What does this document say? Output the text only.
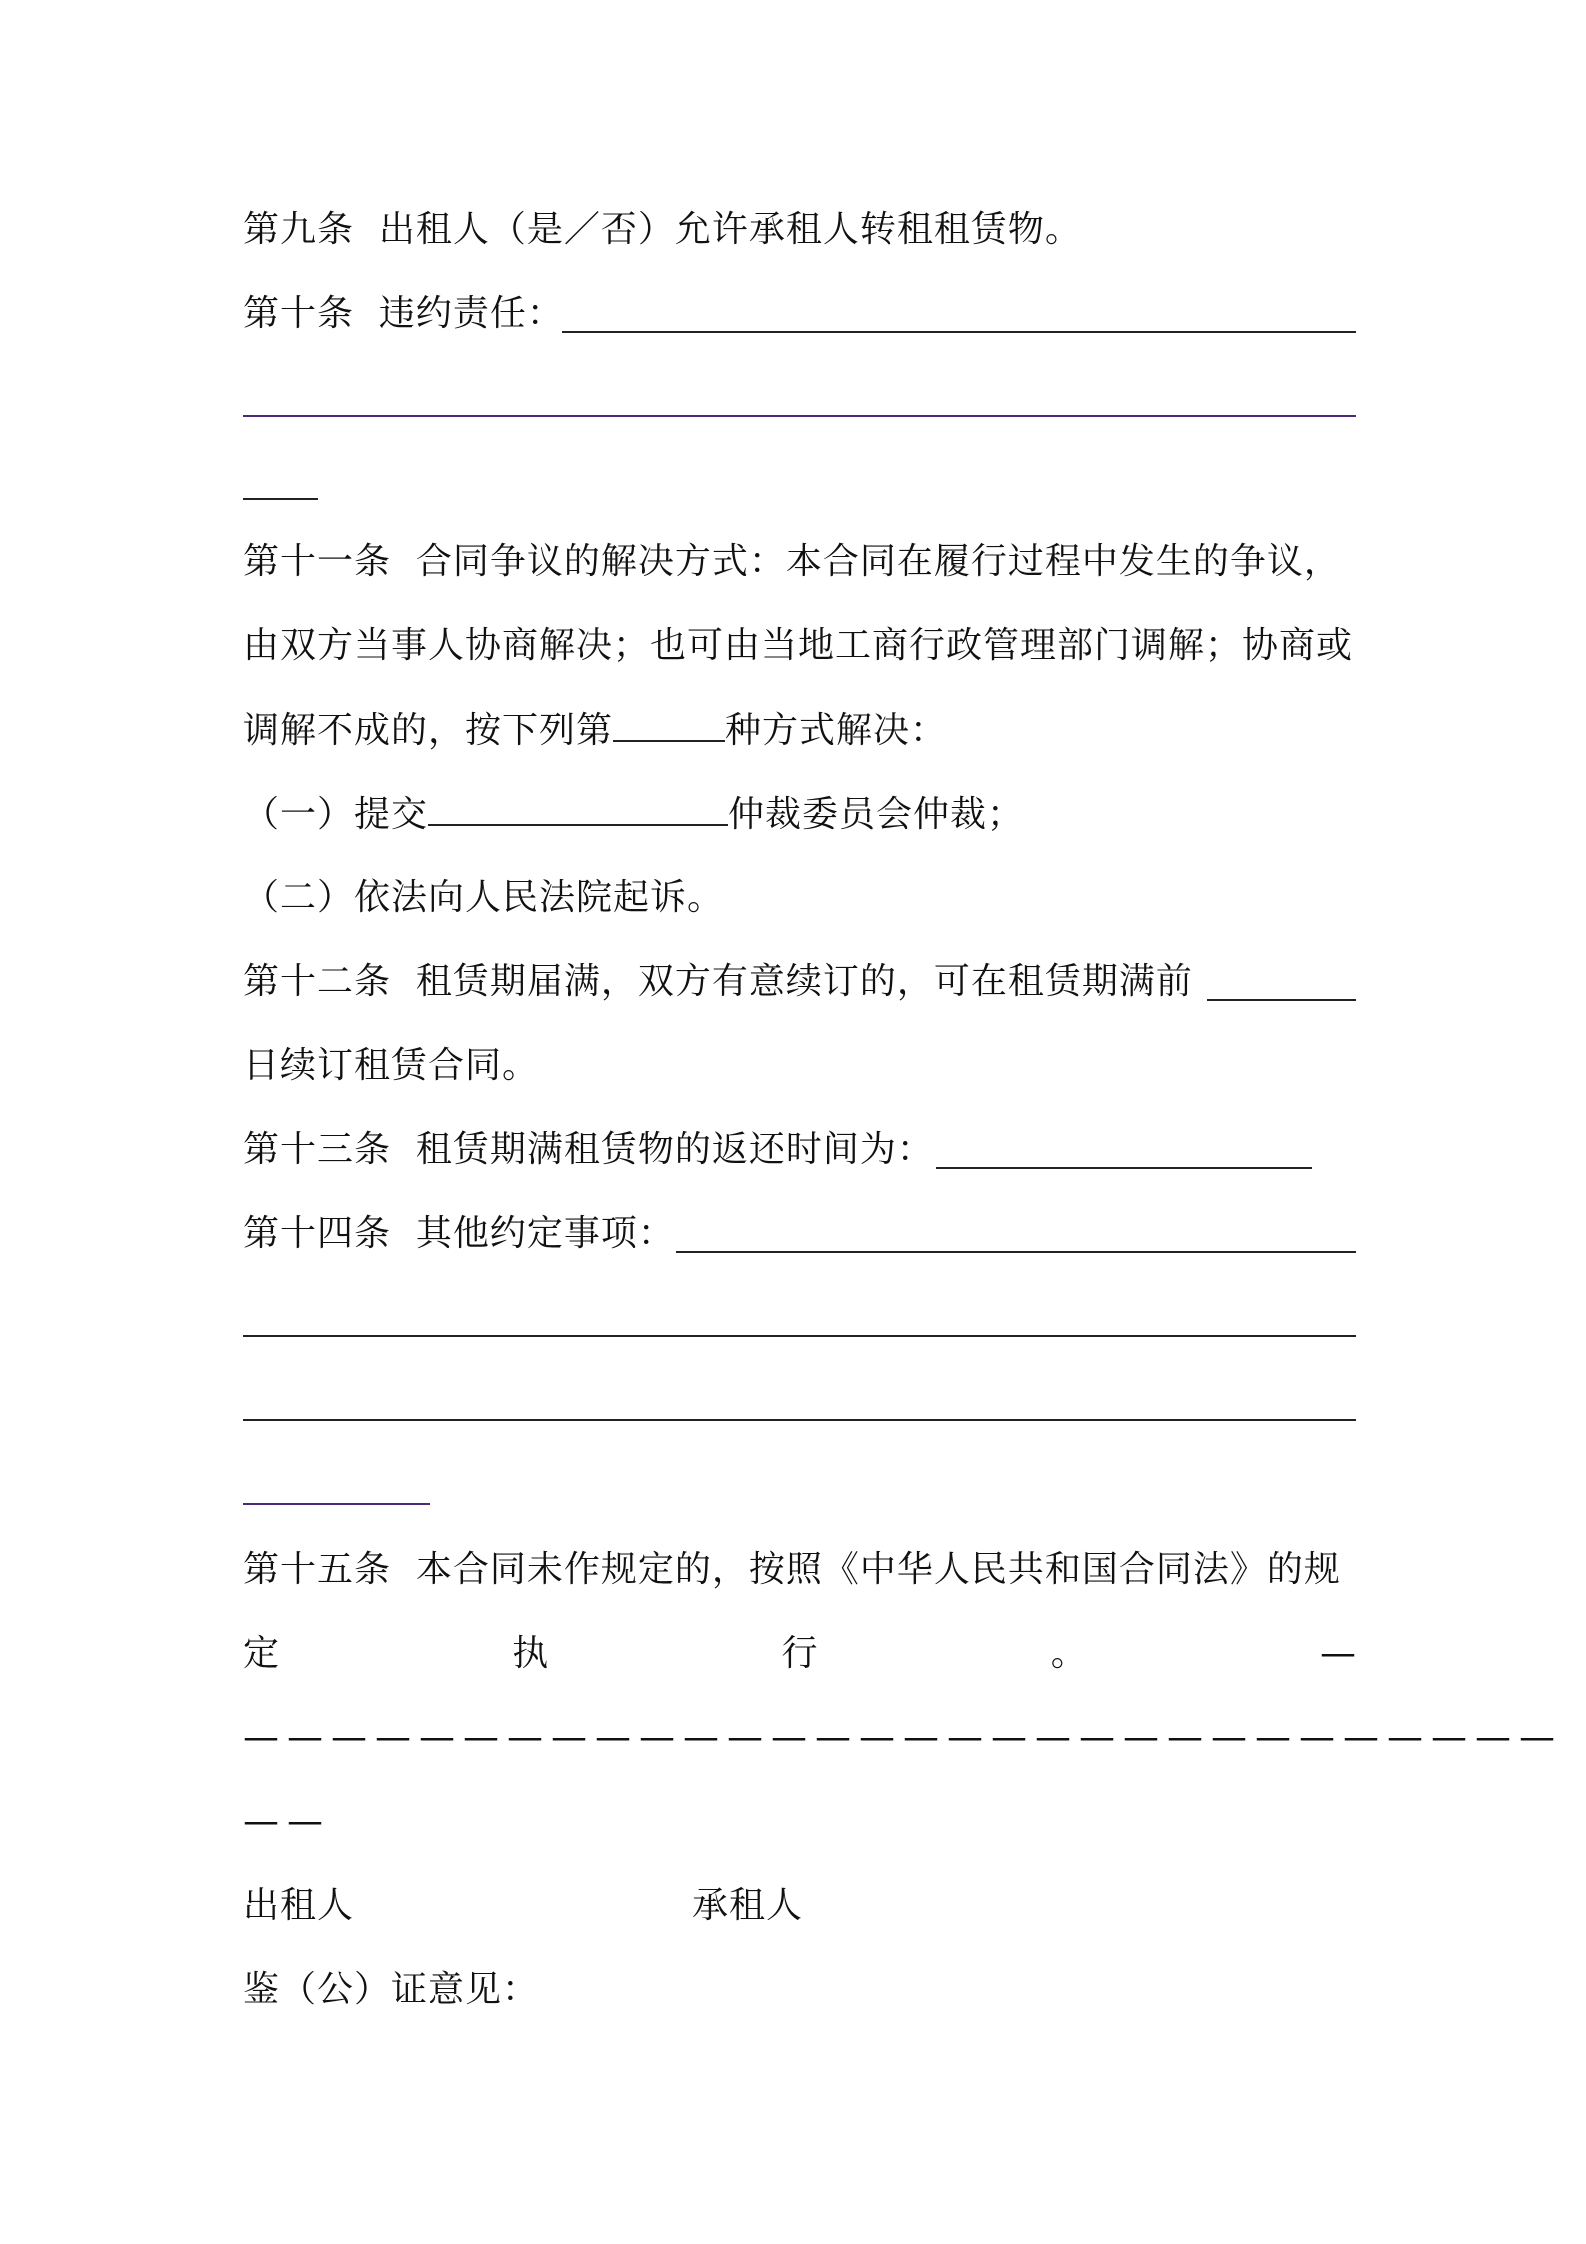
第九条  出租人（是／否）允许承租人转租租赁物。
第十条  违约责任：
第十一条  合同争议的解决方式：本合同在履行过程中发生的争议，
由双方当事人协商解决；也可由当地工商行政管理部门调解；协商或
调解不成的，按下列第	种方式解决：
（一）提交	仲裁委员会仲裁；
（二）依法向人民法院起诉。
第十二条  租赁期届满，双方有意续订的，可在租赁期满前
日续订租赁合同。
第十三条  租赁期满租赁物的返还时间为：
第十四条  其他约定事项：
第十五条  本合同未作规定的，按照《中华人民共和国合同法》的规
定	执	行	。	—
——————————————————————————————
——
出租人	承租人
鉴（公）证意见：
